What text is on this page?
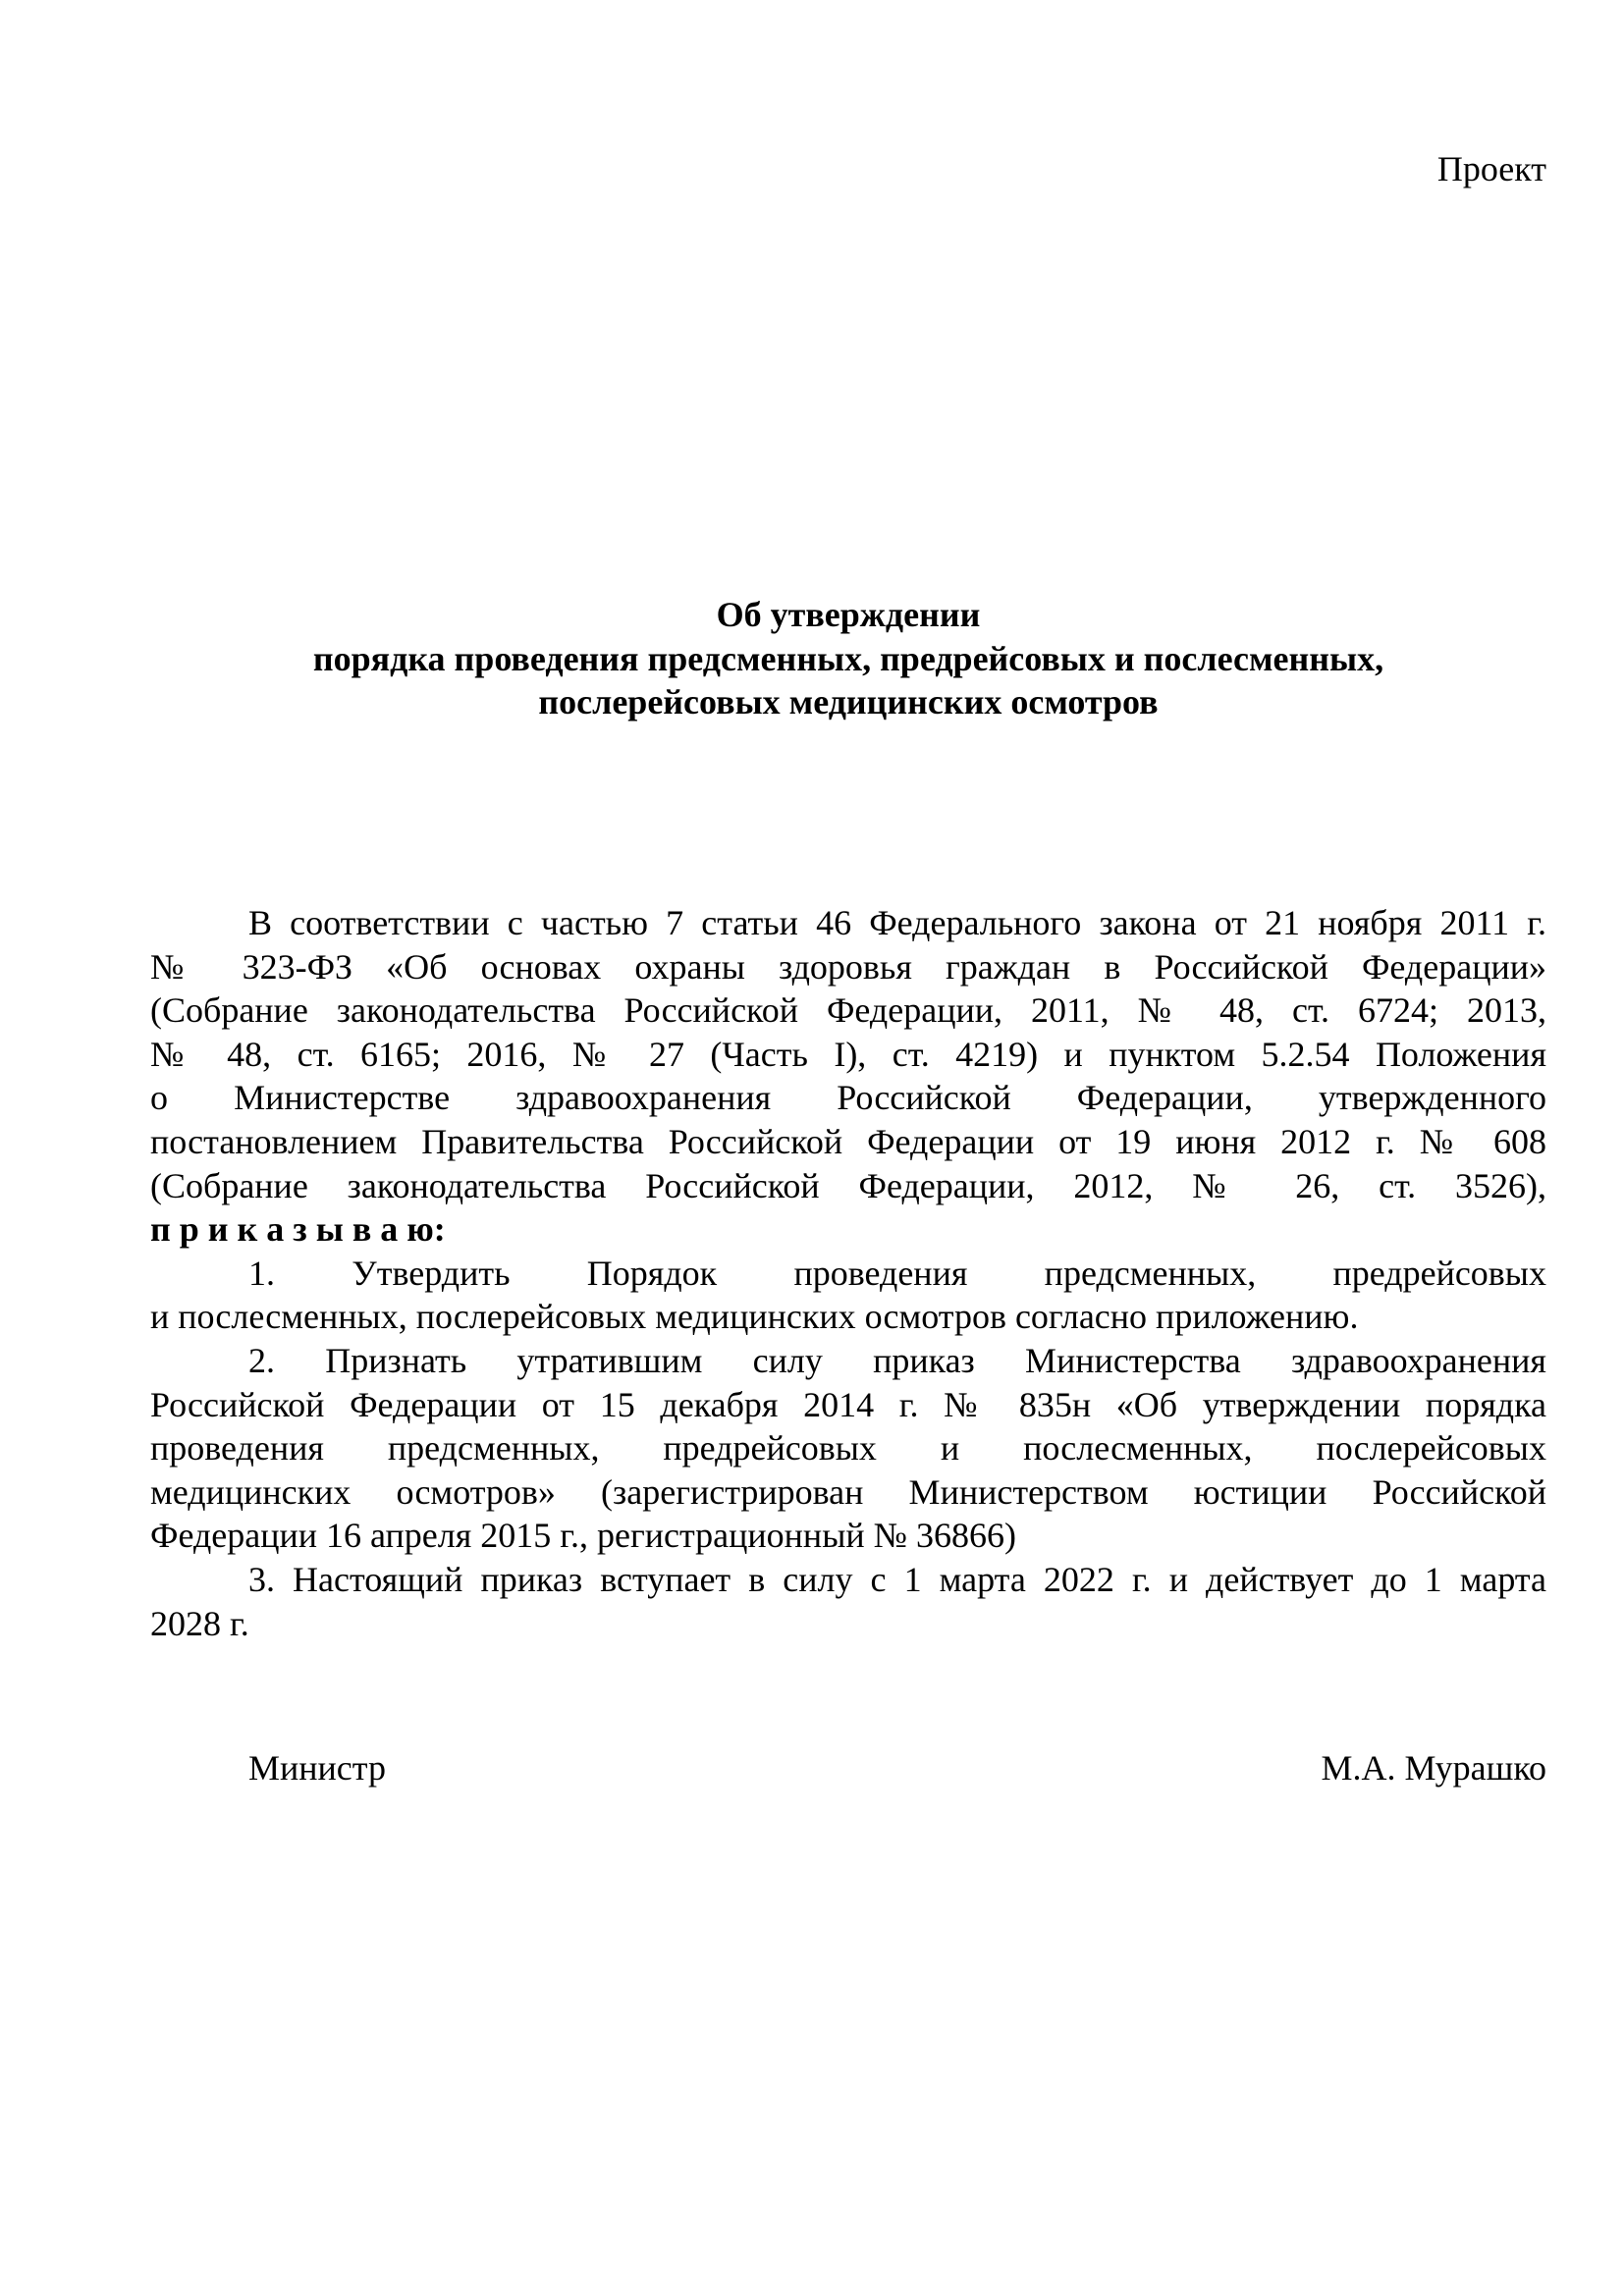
Проект
Об утверждении
порядка проведения предсменных, предрейсовых и послесменных,
послерейсовых медицинских осмотров
В соответствии с частью 7 статьи 46 Федерального закона от 21 ноября 2011 г.
№ 323-ФЗ «Об основах охраны здоровья граждан в Российской Федерации»
(Собрание законодательства Российской Федерации, 2011, № 48, ст. 6724; 2013,
№ 48, ст. 6165; 2016, № 27 (Часть I), ст. 4219) и пунктом 5.2.54 Положения
о Министерстве здравоохранения Российской Федерации, утвержденного
постановлением Правительства Российской Федерации от 19 июня 2012 г. № 608
(Собрание законодательства Российской Федерации, 2012, № 26, ст. 3526),
п р и к а з ы в а ю:
1. Утвердить Порядок проведения предсменных, предрейсовых
и послесменных, послерейсовых медицинских осмотров согласно приложению.
2. Признать утратившим силу приказ Министерства здравоохранения
Российской Федерации от 15 декабря 2014 г. № 835н «Об утверждении порядка
проведения предсменных, предрейсовых и послесменных, послерейсовых
медицинских осмотров» (зарегистрирован Министерством юстиции Российской
Федерации 16 апреля 2015 г., регистрационный № 36866)
3. Настоящий приказ вступает в силу с 1 марта 2022 г. и действует до 1 марта
2028 г.
Министр	М.А. Мурашко
